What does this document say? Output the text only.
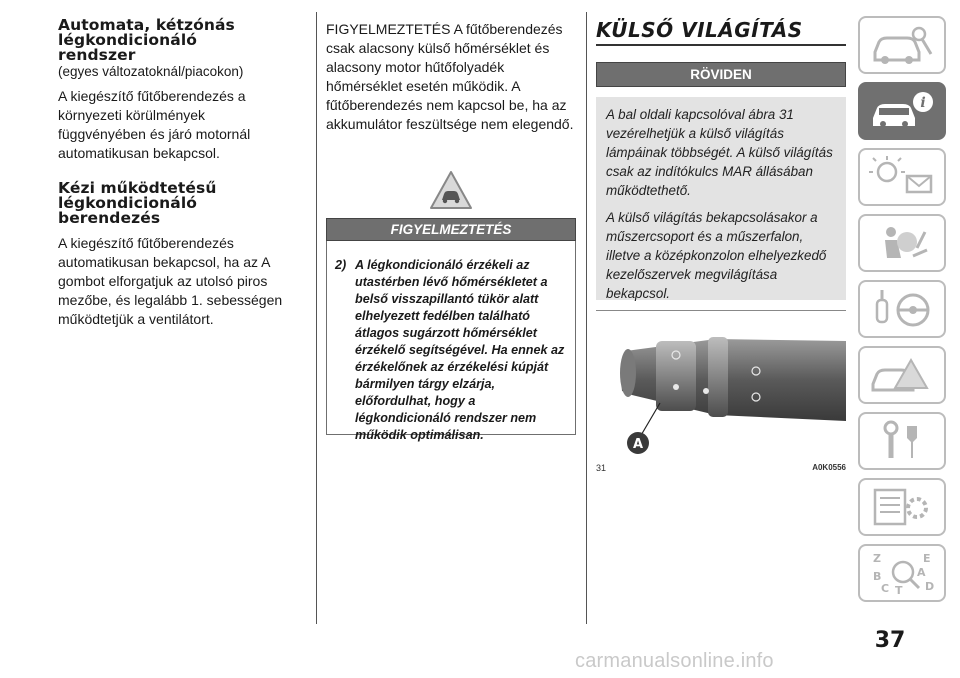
Automata, kétzónás
légkondicionáló
rendszer

(egyes változatoknál/piacokon)

A kiegészítő fűtőberendezés a környezeti körülmények függvényében és járó motornál automatikusan bekapcsol.

Kézi működtetésű
légkondicionáló
berendezés

A kiegészítő fűtőberendezés automatikusan bekapcsol, ha az A gombot elforgatjuk az utolsó piros mezőbe, és legalább 1. sebességen működtetjük a ventilátort.

FIGYELMEZTETÉS A fűtőberendezés csak alacsony külső hőmérséklet és alacsony motor hűtőfolyadék hőmérséklet esetén működik. A fűtőberendezés nem kapcsol be, ha az akkumulátor feszültsége nem elegendő.

FIGYELMEZTETÉS
2) A légkondicionáló érzékeli az utastérben lévő hőmérsékletet a belső visszapillantó tükör alatt elhelyezett fedélben található átlagos sugárzott hőmérséklet érzékelő segítségével. Ha ennek az érzékelőnek az érzékelési kúpját bármilyen tárgy elzárja, előfordulhat, hogy a légkondicionáló rendszer nem működik optimálisan.
KÜLSŐ VILÁGÍTÁS
RÖVIDEN

A bal oldali kapcsolóval ábra 31 vezérelhetjük a külső világítás lámpáinak többségét. A külső világítás csak az indítókulcs MAR állásában működtethető.

A külső világítás bekapcsolásakor a műszercsoport és a műszerfalon, illetve a középkonzolon elhelyezkedő kezelőszervek megvilágítása bekapcsol.

A
31	A0K0556
i
Z	E
A
B
D
C T
37
carmanualsonline.info
